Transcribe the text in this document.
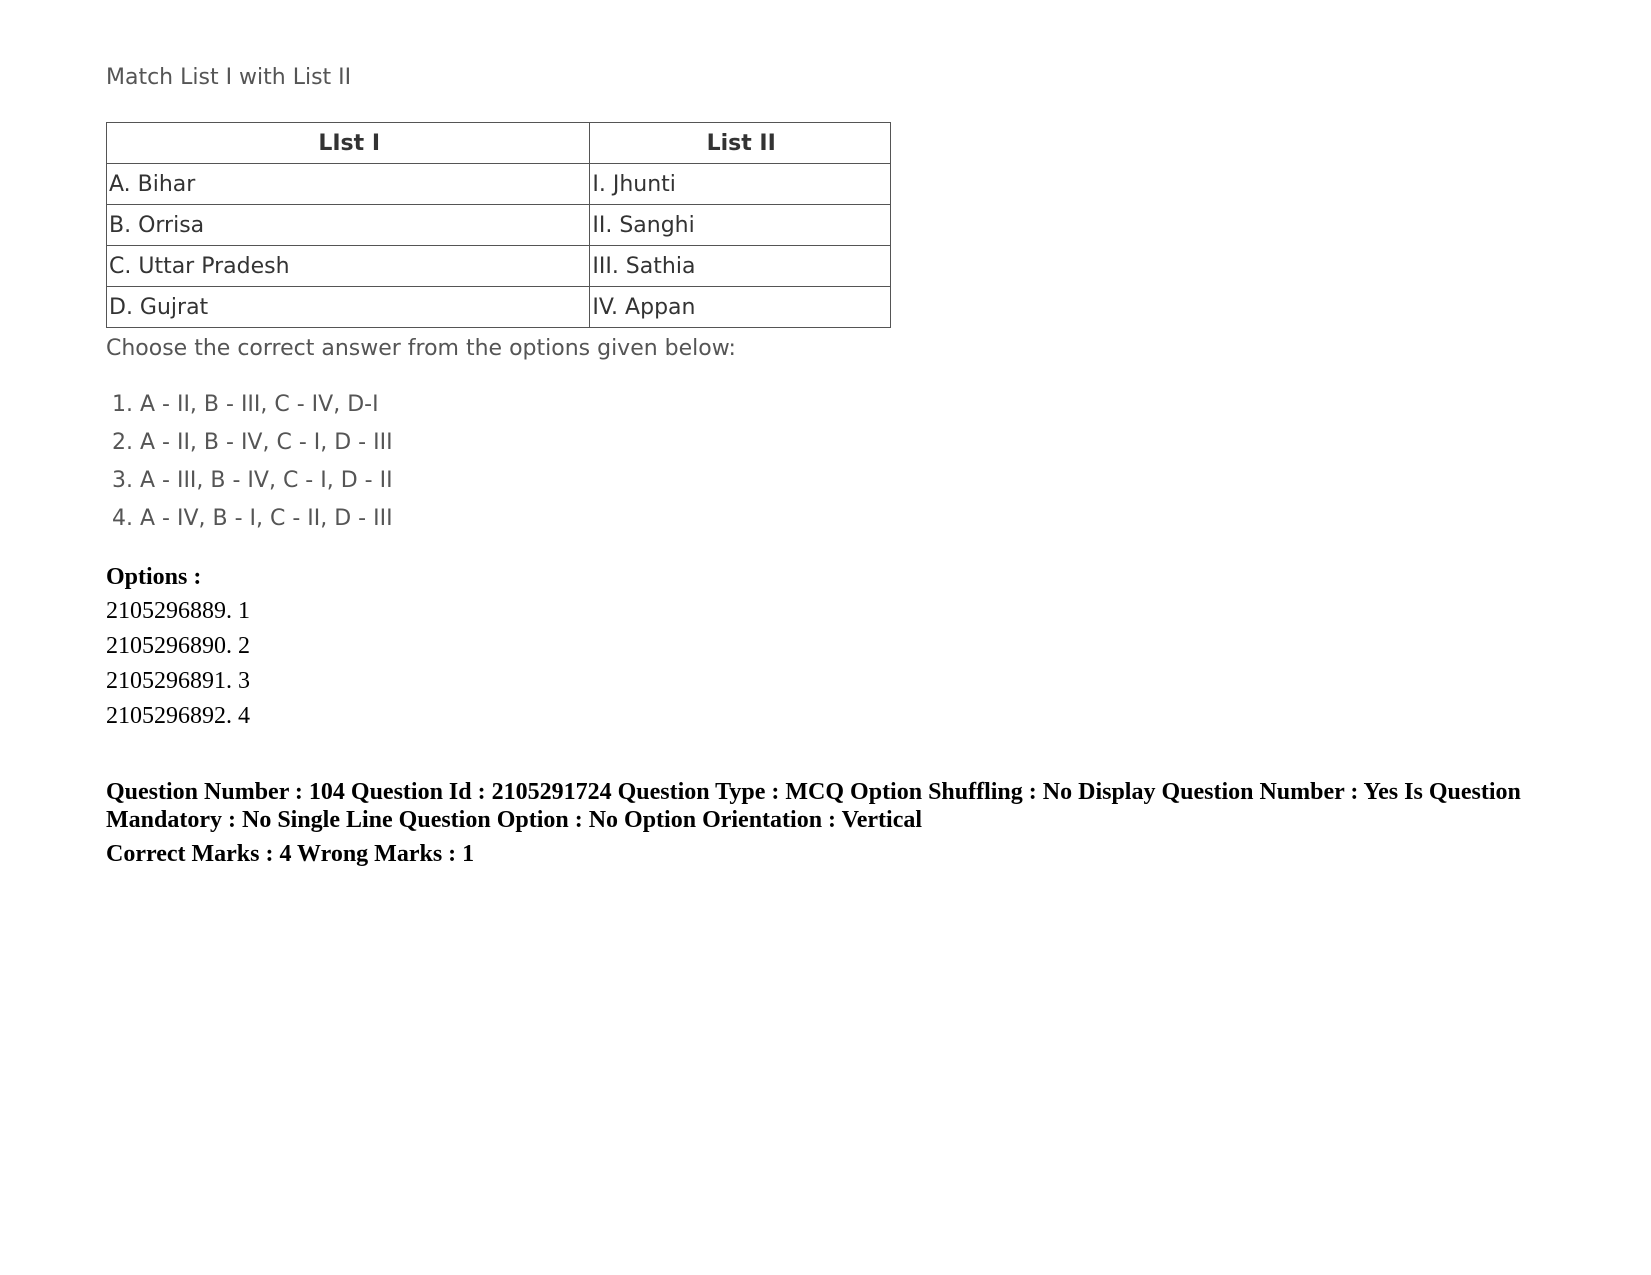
Match List I with List II

LIst I	List II
A. Bihar	I. Jhunti
B. Orrisa	II. Sanghi
C. Uttar Pradesh	III. Sathia
D. Gujrat	IV. Appan

Choose the correct answer from the options given below:

1. A - II, B - III, C - IV, D-I
2. A - II, B - IV, C - I, D - III
3. A - III, B - IV, C - I, D - II
4. A - IV, B - I, C - II, D - III

Options :

2105296889. 1
2105296890. 2
2105296891. 3
2105296892. 4
Question Number : 104 Question Id : 2105291724 Question Type : MCQ Option Shuffling : No Display Question Number : Yes Is Question Mandatory : No Single Line Question Option : No Option Orientation : Vertical
Correct Marks : 4 Wrong Marks : 1
